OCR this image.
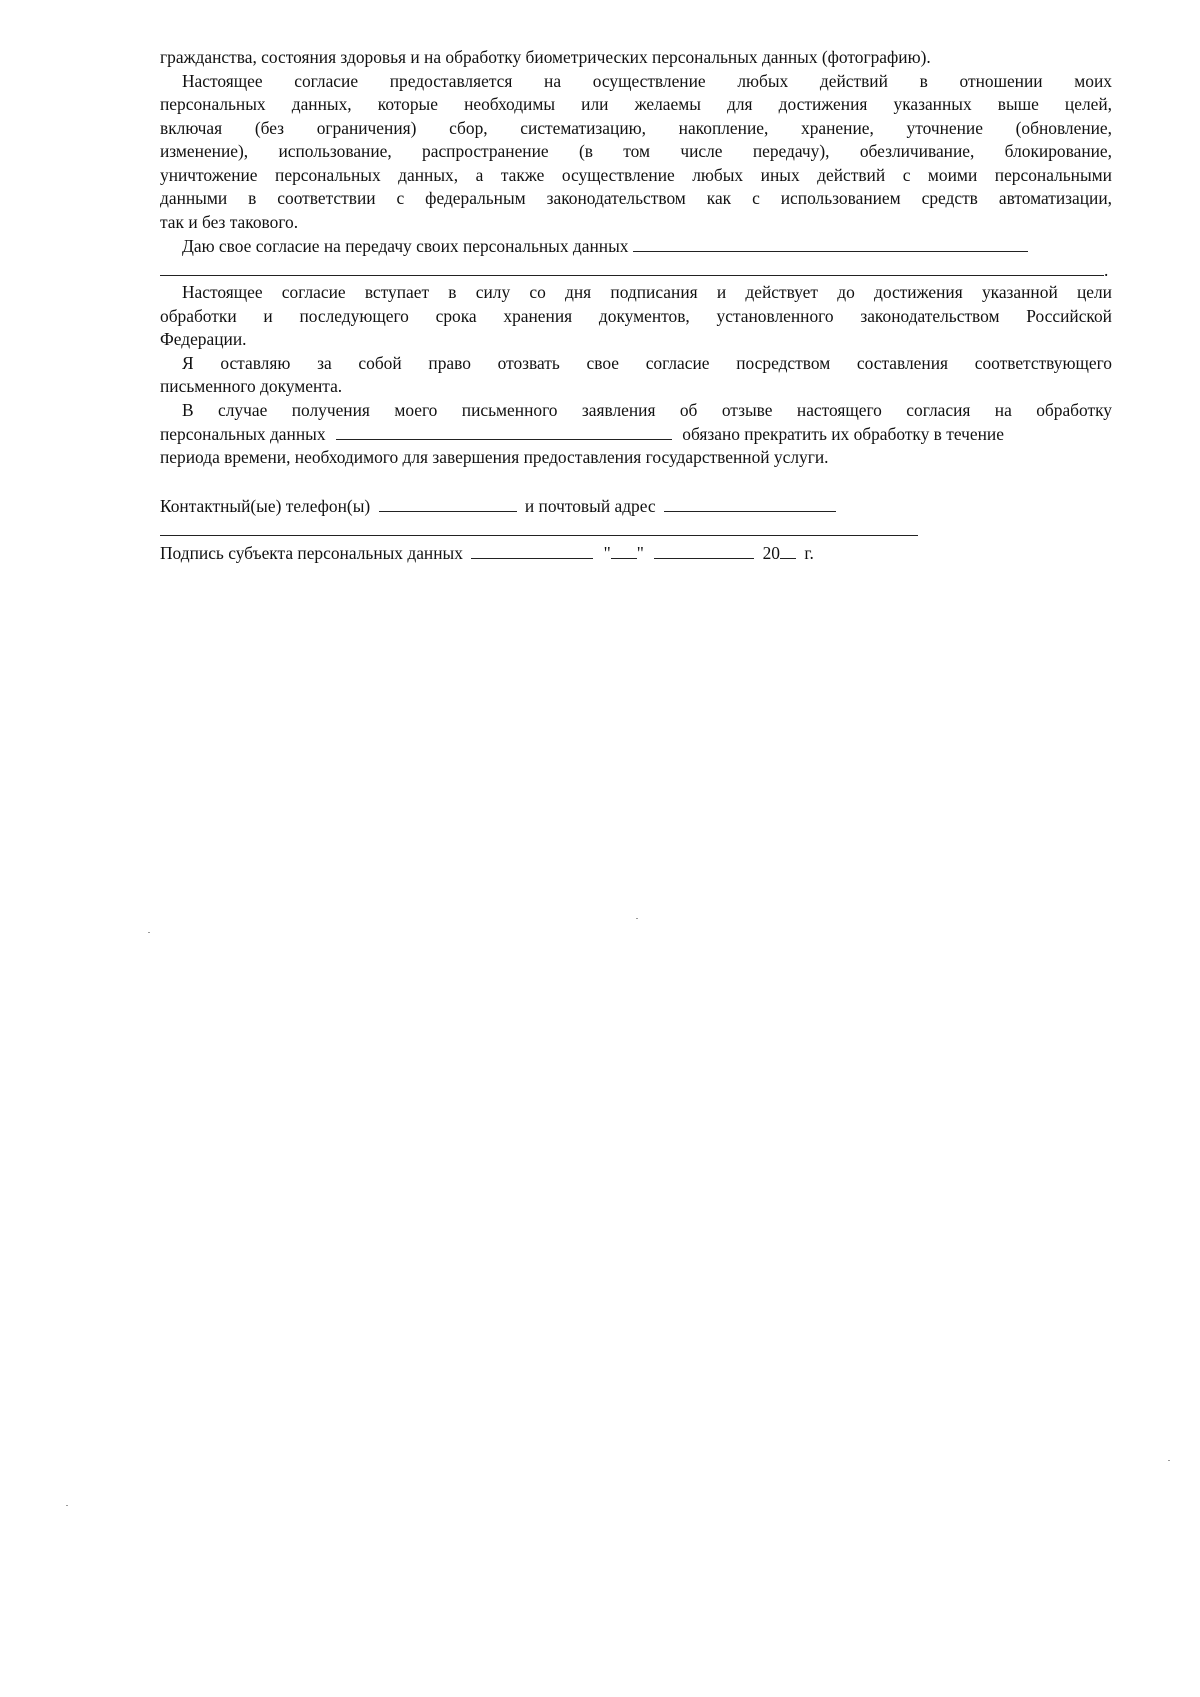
гражданства, состояния здоровья и на обработку биометрических персональных данных (фотографию).
Настоящее согласие предоставляется на осуществление любых действий в отношении моих
персональных данных, которые необходимы или желаемы для достижения указанных выше целей,
включая (без ограничения) сбор, систематизацию, накопление, хранение, уточнение (обновление,
изменение), использование, распространение (в том числе передачу), обезличивание, блокирование,
уничтожение персональных данных, а также осуществление любых иных действий с моими персональными
данными в соответствии с федеральным законодательством как с использованием средств автоматизации,
так и без такового.
Даю свое согласие на передачу своих персональных данных
.
Настоящее согласие вступает в силу со дня подписания и действует до достижения указанной цели
обработки и последующего срока хранения документов, установленного законодательством Российской
Федерации.
Я оставляю за собой право отозвать свое согласие посредством составления соответствующего
письменного документа.
В случае получения моего письменного заявления об отзыве настоящего согласия на обработку
персональных данных	обязано прекратить их обработку в течение
периода времени, необходимого для завершения предоставления государственной услуги.
Контактный(ые) телефон(ы)	и почтовый адрес
Подпись субъекта персональных данных	" "	20 г.
